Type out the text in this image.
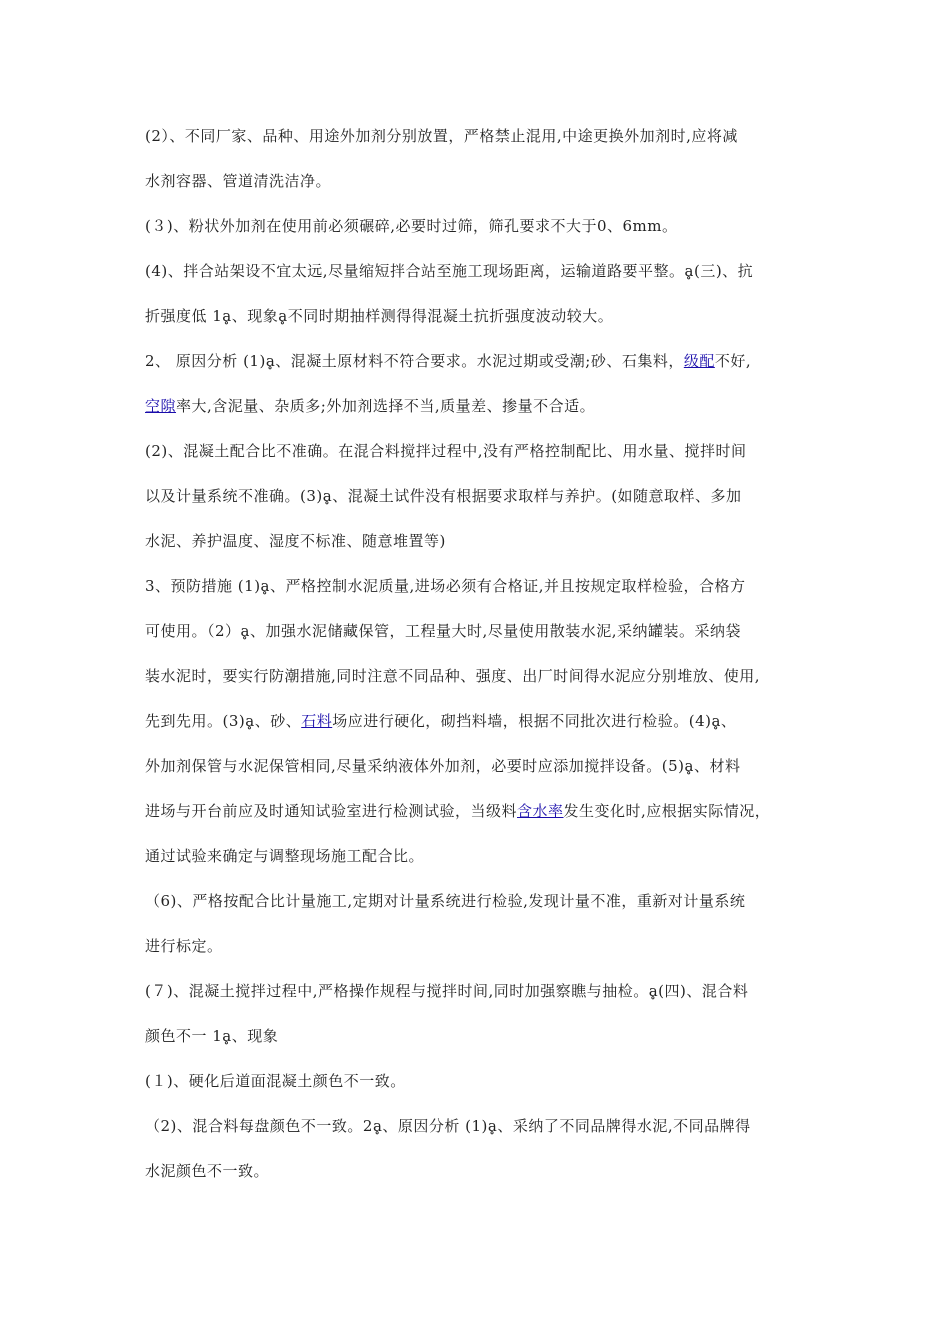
(2）、不同厂家、品种、用途外加剂分别放置，严格禁止混用,中途更换外加剂时,应将减
水剂容器、管道清洗洁净。
(３)、粉状外加剂在使用前必须碾碎,必要时过筛，筛孔要求不大于0、6mm。
(4)、拌合站架设不宜太远,尽量缩短拌合站至施工现场距离，运输道路要平整。ḁ(三)、抗
折强度低 1ḁ、现象ḁ不同时期抽样测得得混凝土抗折强度波动较大。
2、 原因分析 (1)ḁ、混凝土原材料不符合要求。水泥过期或受潮;砂、石集料，级配不好,
空隙率大,含泥量、杂质多;外加剂选择不当,质量差、掺量不合适。
(2)、混凝土配合比不准确。在混合料搅拌过程中,没有严格控制配比、用水量、搅拌时间
以及计量系统不准确。(3)ḁ、混凝土试件没有根据要求取样与养护。(如随意取样、多加
水泥、养护温度、湿度不标准、随意堆置等)
3、预防措施 (1)ḁ、严格控制水泥质量,进场必须有合格证,并且按规定取样检验，合格方
可使用。（2）ḁ、加强水泥储藏保管，工程量大时,尽量使用散装水泥,采纳罐装。采纳袋
装水泥时，要实行防潮措施,同时注意不同品种、强度、出厂时间得水泥应分别堆放、使用,
先到先用。(3)ḁ、砂、石料场应进行硬化，砌挡料墙，根据不同批次进行检验。(4)ḁ、
外加剂保管与水泥保管相同,尽量采纳液体外加剂，必要时应添加搅拌设备。(5)ḁ、材料
进场与开台前应及时通知试验室进行检测试验，当级料含水率发生变化时,应根据实际情况，
通过试验来确定与调整现场施工配合比。
（6)、严格按配合比计量施工,定期对计量系统进行检验,发现计量不准，重新对计量系统
进行标定。
(７)、混凝土搅拌过程中,严格操作规程与搅拌时间,同时加强察瞧与抽检。ḁ(四)、混合料
颜色不一 1ḁ、现象
(１)、硬化后道面混凝土颜色不一致。
（2)、混合料每盘颜色不一致。2ḁ、原因分析 (1)ḁ、采纳了不同品牌得水泥,不同品牌得
水泥颜色不一致。
